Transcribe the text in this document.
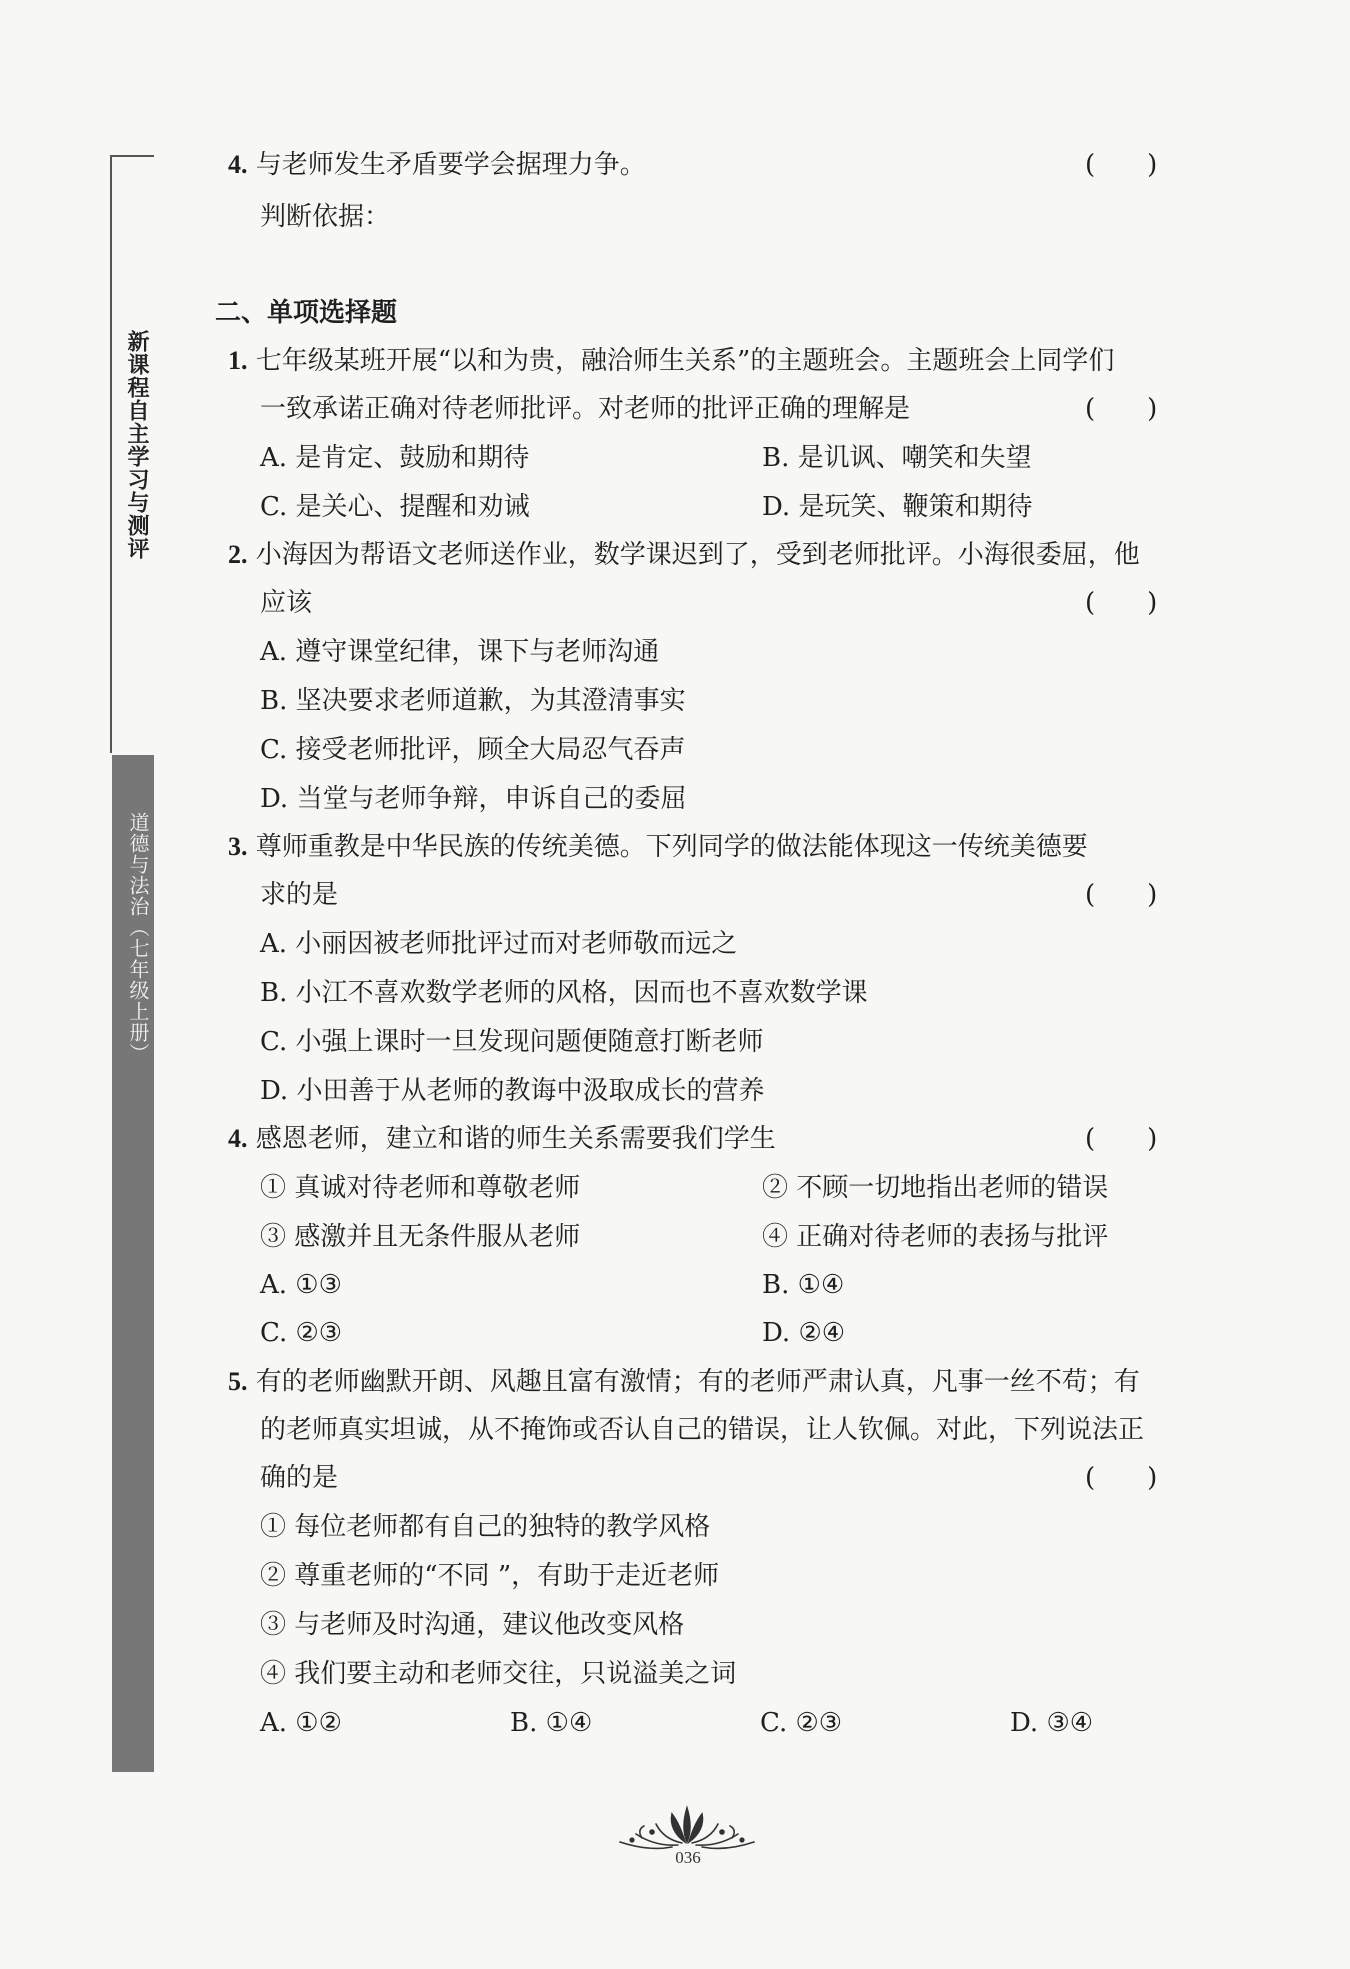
新课程自主学习与测评
道德与法治（七年级上册）
4. 与老师发生矛盾要学会据理力争。	(　　)
判断依据：
二、单项选择题
1. 七年级某班开展“以和为贵，融洽师生关系”的主题班会。主题班会上同学们
一致承诺正确对待老师批评。对老师的批评正确的理解是	(　　)
A. 是肯定、鼓励和期待	B. 是讥讽、嘲笑和失望
C. 是关心、提醒和劝诫	D. 是玩笑、鞭策和期待
2. 小海因为帮语文老师送作业，数学课迟到了，受到老师批评。小海很委屈，他
应该	(　　)
A. 遵守课堂纪律，课下与老师沟通
B. 坚决要求老师道歉，为其澄清事实
C. 接受老师批评，顾全大局忍气吞声
D. 当堂与老师争辩，申诉自己的委屈
3. 尊师重教是中华民族的传统美德。下列同学的做法能体现这一传统美德要
求的是	(　　)
A. 小丽因被老师批评过而对老师敬而远之
B. 小江不喜欢数学老师的风格，因而也不喜欢数学课
C. 小强上课时一旦发现问题便随意打断老师
D. 小田善于从老师的教诲中汲取成长的营养
4. 感恩老师，建立和谐的师生关系需要我们学生	(　　)
① 真诚对待老师和尊敬老师	② 不顾一切地指出老师的错误
③ 感激并且无条件服从老师	④ 正确对待老师的表扬与批评
A. ①③	B. ①④
C. ②③	D. ②④
5. 有的老师幽默开朗、风趣且富有激情；有的老师严肃认真，凡事一丝不苟；有
的老师真实坦诚，从不掩饰或否认自己的错误，让人钦佩。对此，下列说法正
确的是	(　　)
① 每位老师都有自己的独特的教学风格
② 尊重老师的“不同 ”，有助于走近老师
③ 与老师及时沟通，建议他改变风格
④ 我们要主动和老师交往，只说溢美之词
A. ①②	B. ①④	C. ②③	D. ③④
036
